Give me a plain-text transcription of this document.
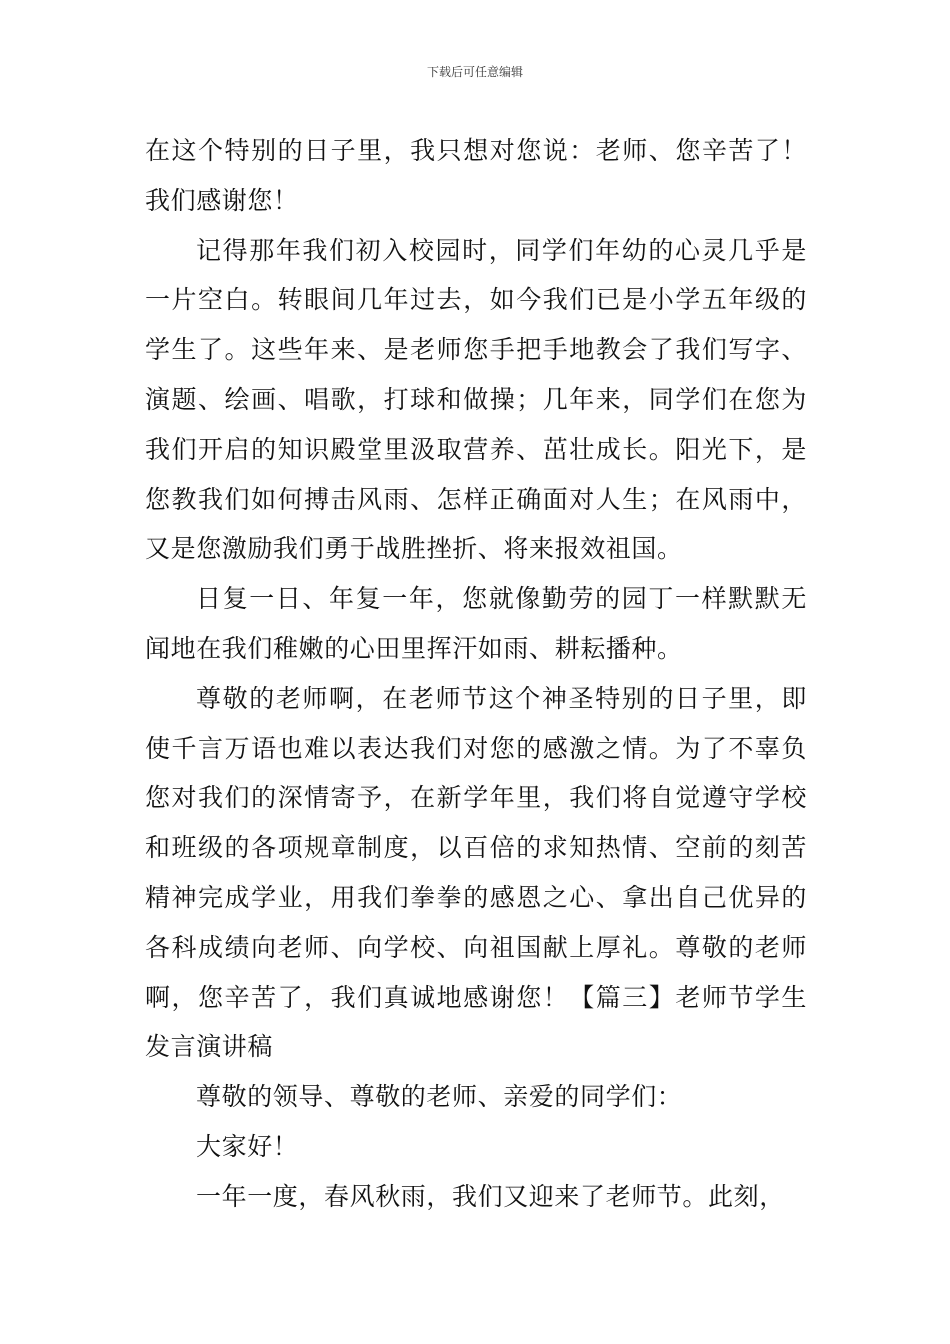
下载后可任意编辑

在这个特别的日子里，我只想对您说：老师、您辛苦了！我们感谢您！

记得那年我们初入校园时，同学们年幼的心灵几乎是一片空白。转眼间几年过去，如今我们已是小学五年级的学生了。这些年来、是老师您手把手地教会了我们写字、演题、绘画、唱歌，打球和做操；几年来，同学们在您为我们开启的知识殿堂里汲取营养、茁壮成长。阳光下，是您教我们如何搏击风雨、怎样正确面对人生；在风雨中，又是您激励我们勇于战胜挫折、将来报效祖国。

日复一日、年复一年，您就像勤劳的园丁一样默默无闻地在我们稚嫩的心田里挥汗如雨、耕耘播种。

尊敬的老师啊，在老师节这个神圣特别的日子里，即使千言万语也难以表达我们对您的感激之情。为了不辜负您对我们的深情寄予，在新学年里，我们将自觉遵守学校和班级的各项规章制度，以百倍的求知热情、空前的刻苦精神完成学业，用我们拳拳的感恩之心、拿出自己优异的各科成绩向老师、向学校、向祖国献上厚礼。尊敬的老师啊，您辛苦了，我们真诚地感谢您！【篇三】老师节学生发言演讲稿

尊敬的领导、尊敬的老师、亲爱的同学们：

大家好！

一年一度，春风秋雨，我们又迎来了老师节。此刻，
